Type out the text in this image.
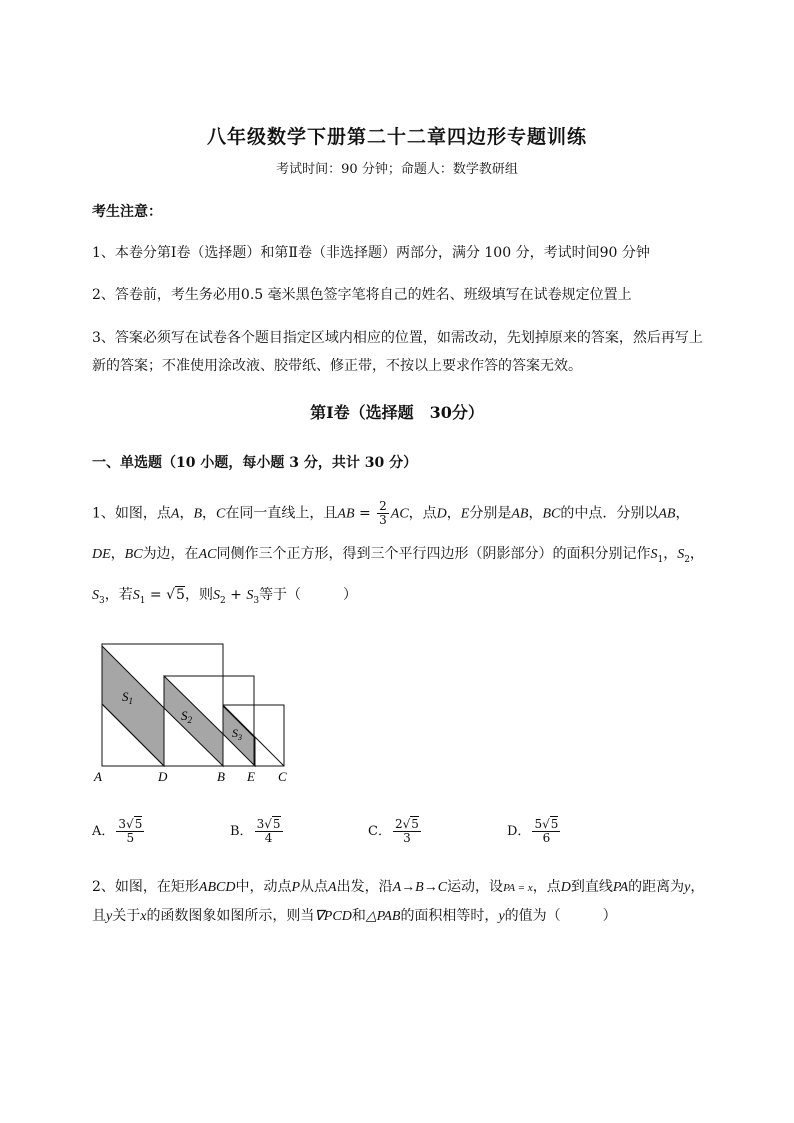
八年级数学下册第二十二章四边形专题训练
考试时间：90 分钟；命题人：数学教研组
考生注意：
1、本卷分第Ⅰ卷（选择题）和第Ⅱ卷（非选择题）两部分，满分 100 分，考试时间90 分钟
2、答卷前，考生务必用0.5 毫米黑色签字笔将自己的姓名、班级填写在试卷规定位置上
3、答案必须写在试卷各个题目指定区域内相应的位置，如需改动，先划掉原来的答案，然后再写上新的答案；不准使用涂改液、胶带纸、修正带，不按以上要求作答的答案无效。
第Ⅰ卷（选择题　30分）
一、单选题（10 小题，每小题 3 分，共计 30 分）
1、如图，点A，B，C在同一直线上，且AB = $\frac{2}{3}$ AC，点D，E分别是AB，BC的中点．分别以AB，
DE，BC为边，在AC同侧作三个正方形，得到三个平行四边形（阴影部分）的面积分别记作$S_1$，$S_2$，
$S_3$，若$S_1 = √5$，则$S_2 + S_3$等于（　　　）
$S_1$
$S_2$
$S_3$
A	D	B E C
A． $\frac{3√5}{5}$	B． $\frac{3√5}{4}$	C． $\frac{2√5}{3}$	D． $\frac{5√5}{6}$
2、如图，在矩形ABCD中，动点P从点A出发，沿A→B→C运动，设PA = x，点D到直线PA的距离为y，且y关于x的函数图象如图所示，则当∇PCD和△PAB的面积相等时，y的值为（　　　）
